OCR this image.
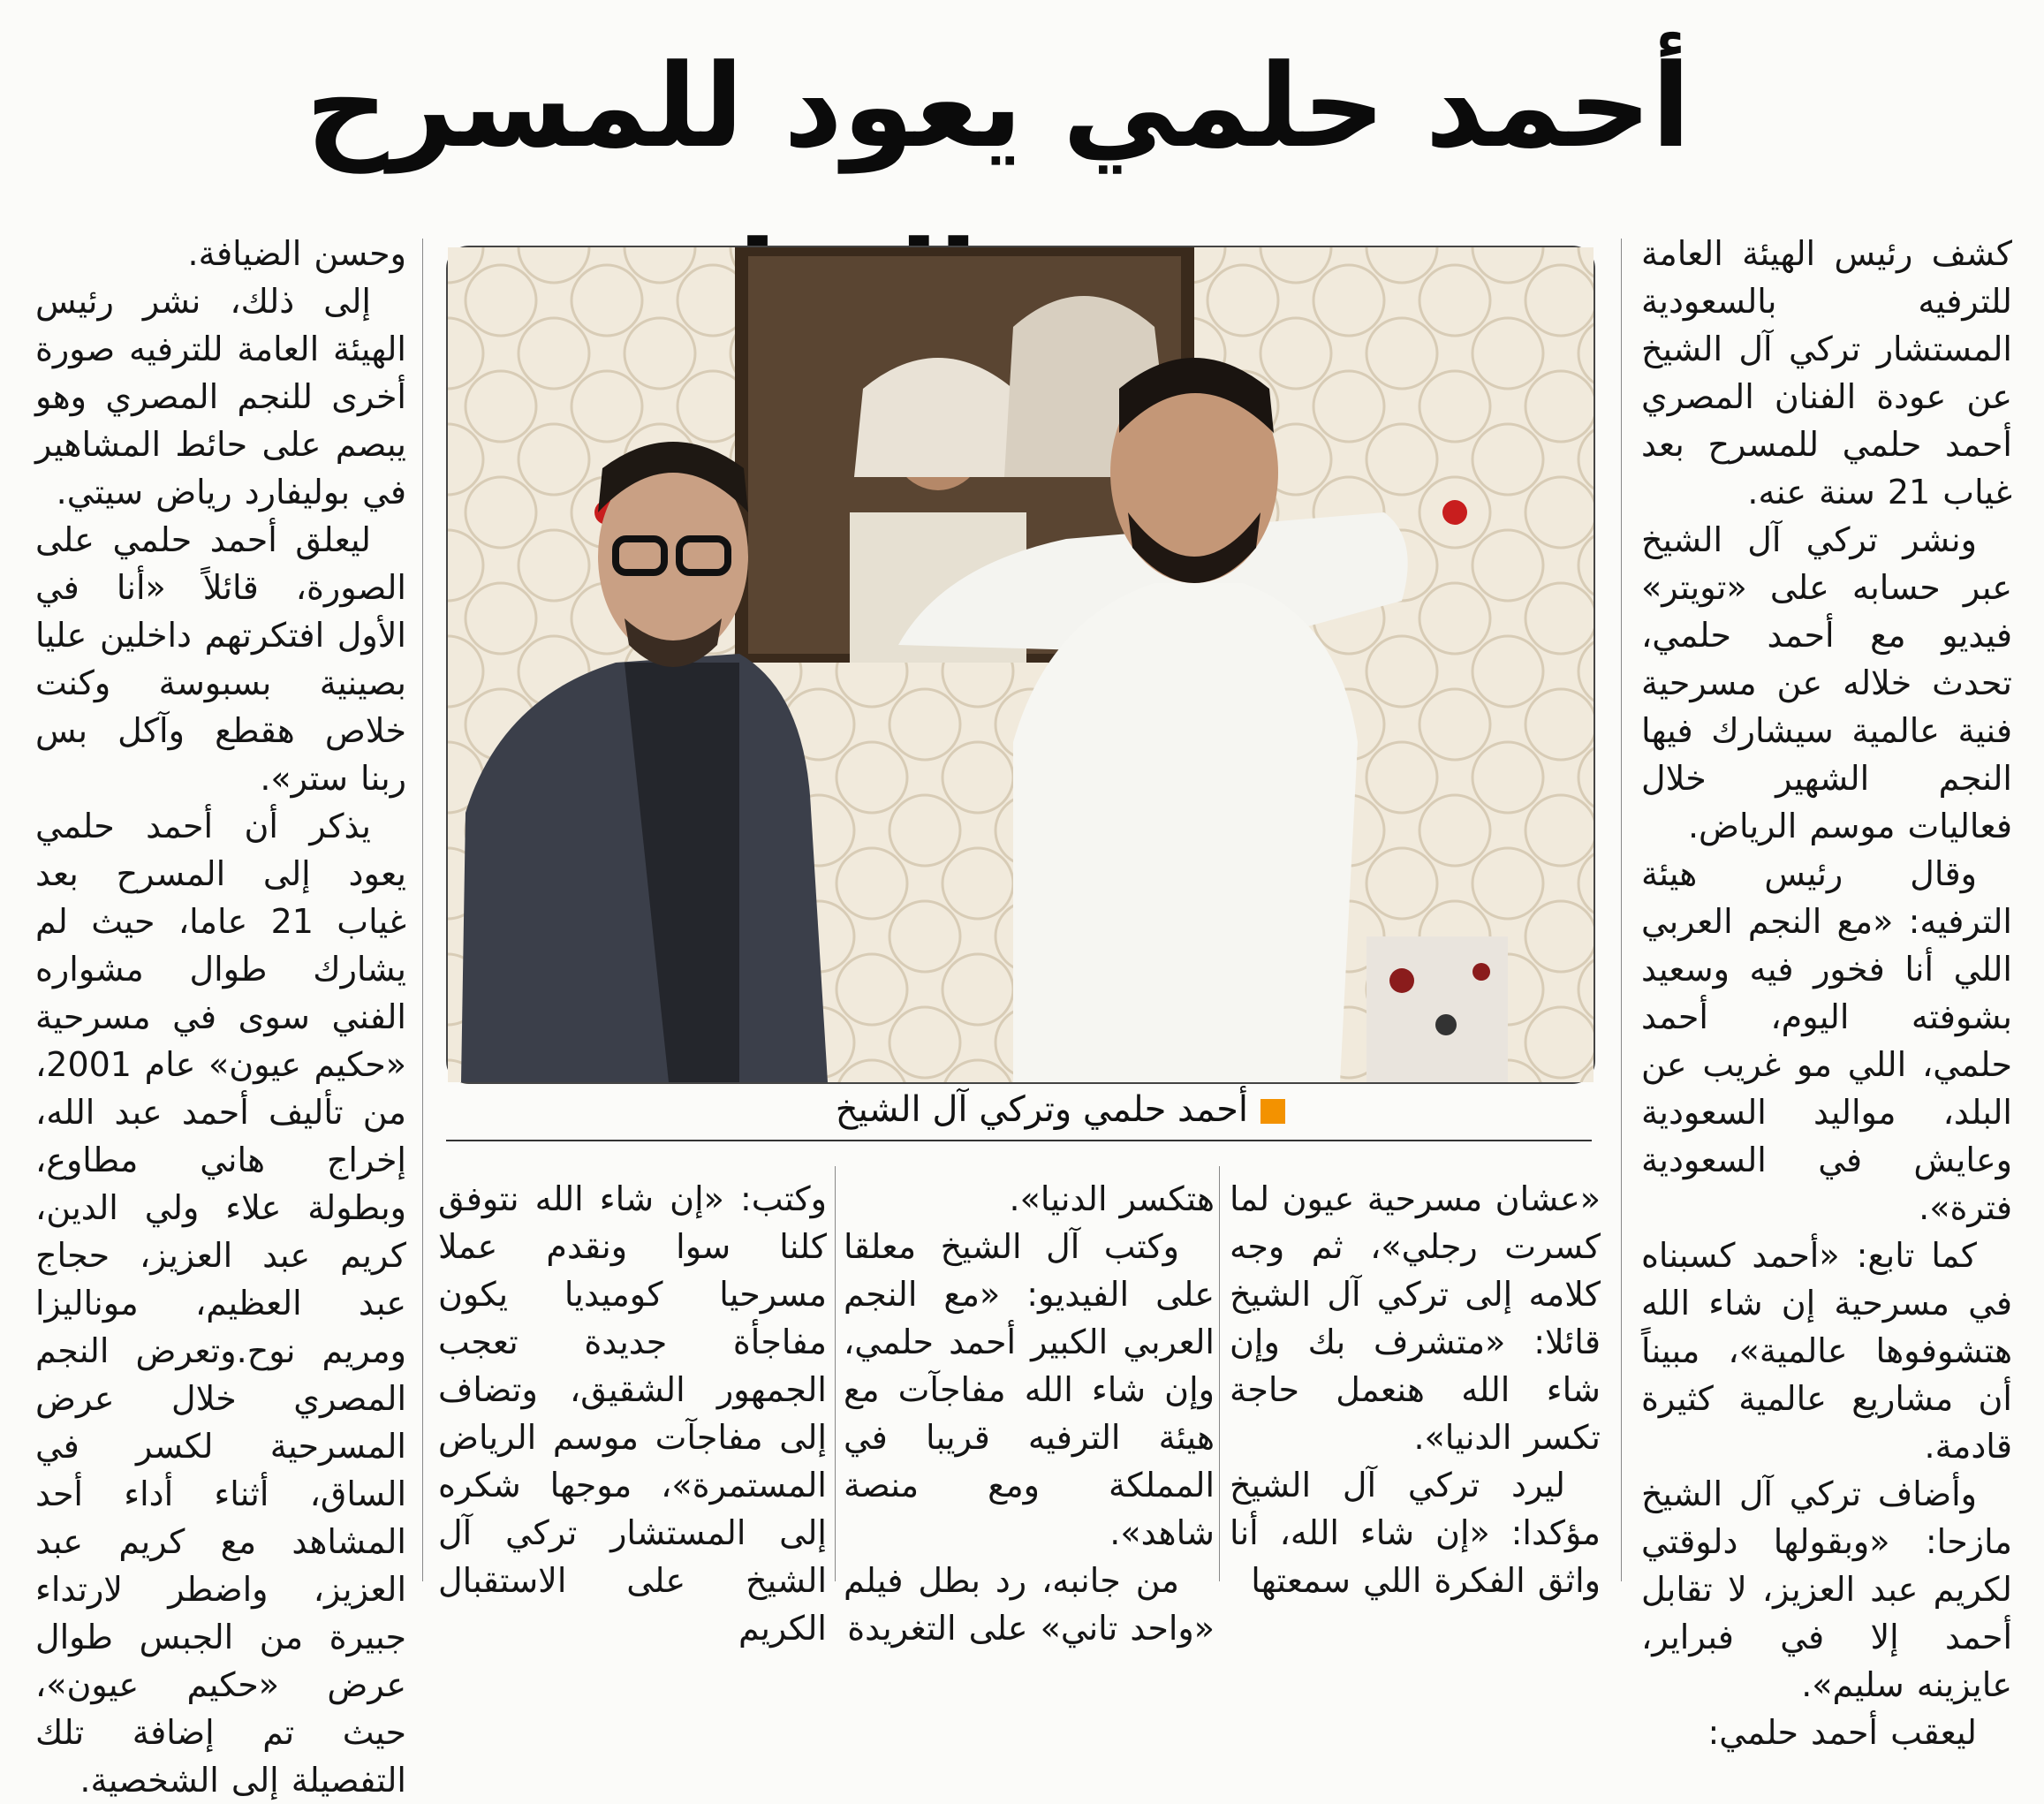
أحمد حلمي يعود للمسرح

كشف رئيس الهيئة العامة للترفيه بالسعودية المستشار تركي آل الشيخ عن عودة الفنان المصري أحمد حلمي للمسرح بعد غياب 21 سنة عنه.

ونشر تركي آل الشيخ عبر حسابه على «تويتر» فيديو مع أحمد حلمي، تحدث خلاله عن مسرحية فنية عالمية سيشارك فيها النجم الشهير خلال فعاليات موسم الرياض.

وقال رئيس هيئة الترفيه: «مع النجم العربي اللي أنا فخور فيه وسعيد بشوفته اليوم، أحمد حلمي، اللي مو غريب عن البلد، مواليد السعودية وعايش في السعودية فترة».

كما تابع: «أحمد كسبناه في مسرحية إن شاء الله هتشوفوها عالمية»، مبيناً أن مشاريع عالمية كثيرة قادمة.

وأضاف تركي آل الشيخ مازحا: «وبقولها دلوقتي لكريم عبد العزيز، لا تقابل أحمد إلا في فبراير، عايزينه سليم».

ليعقب أحمد حلمي:

أحمد حلمي وتركي آل الشيخ

«عشان مسرحية عيون لما كسرت رجلي»، ثم وجه كلامه إلى تركي آل الشيخ قائلا: «متشرف بك وإن شاء الله هنعمل حاجة تكسر الدنيا».

ليرد تركي آل الشيخ مؤكدا: «إن شاء الله، أنا واثق الفكرة اللي سمعتها

هتكسر الدنيا».

وكتب آل الشيخ معلقا على الفيديو: «مع النجم العربي الكبير أحمد حلمي، وإن شاء الله مفاجآت مع هيئة الترفيه قريبا في المملكة ومع منصة شاهد».

من جانبه، رد بطل فيلم «واحد تاني» على التغريدة

وكتب: «إن شاء الله نتوفق كلنا سوا ونقدم عملا مسرحيا كوميديا يكون مفاجأة جديدة تعجب الجمهور الشقيق، وتضاف إلى مفاجآت موسم الرياض المستمرة»، موجها شكره إلى المستشار تركي آل الشيخ على الاستقبال الكريم

وحسن الضيافة.

إلى ذلك، نشر رئيس الهيئة العامة للترفيه صورة أخرى للنجم المصري وهو يبصم على حائط المشاهير في بوليفارد رياض سيتي.

ليعلق أحمد حلمي على الصورة، قائلاً «أنا في الأول افتكرتهم داخلين عليا بصينية بسبوسة وكنت خلاص هقطع وآكل بس ربنا ستر».

يذكر أن أحمد حلمي يعود إلى المسرح بعد غياب 21 عاما، حيث لم يشارك طوال مشواره الفني سوى في مسرحية «حكيم عيون» عام 2001، من تأليف أحمد عبد الله، إخراج هاني مطاوع، وبطولة علاء ولي الدين، كريم عبد العزيز، حجاج عبد العظيم، موناليزا ومريم نوح.وتعرض النجم المصري خلال عرض المسرحية لكسر في الساق، أثناء أداء أحد المشاهد مع كريم عبد العزيز، واضطر لارتداء جبيرة من الجبس طوال عرض «حكيم عيون»، حيث تم إضافة تلك التفصيلة إلى الشخصية.
